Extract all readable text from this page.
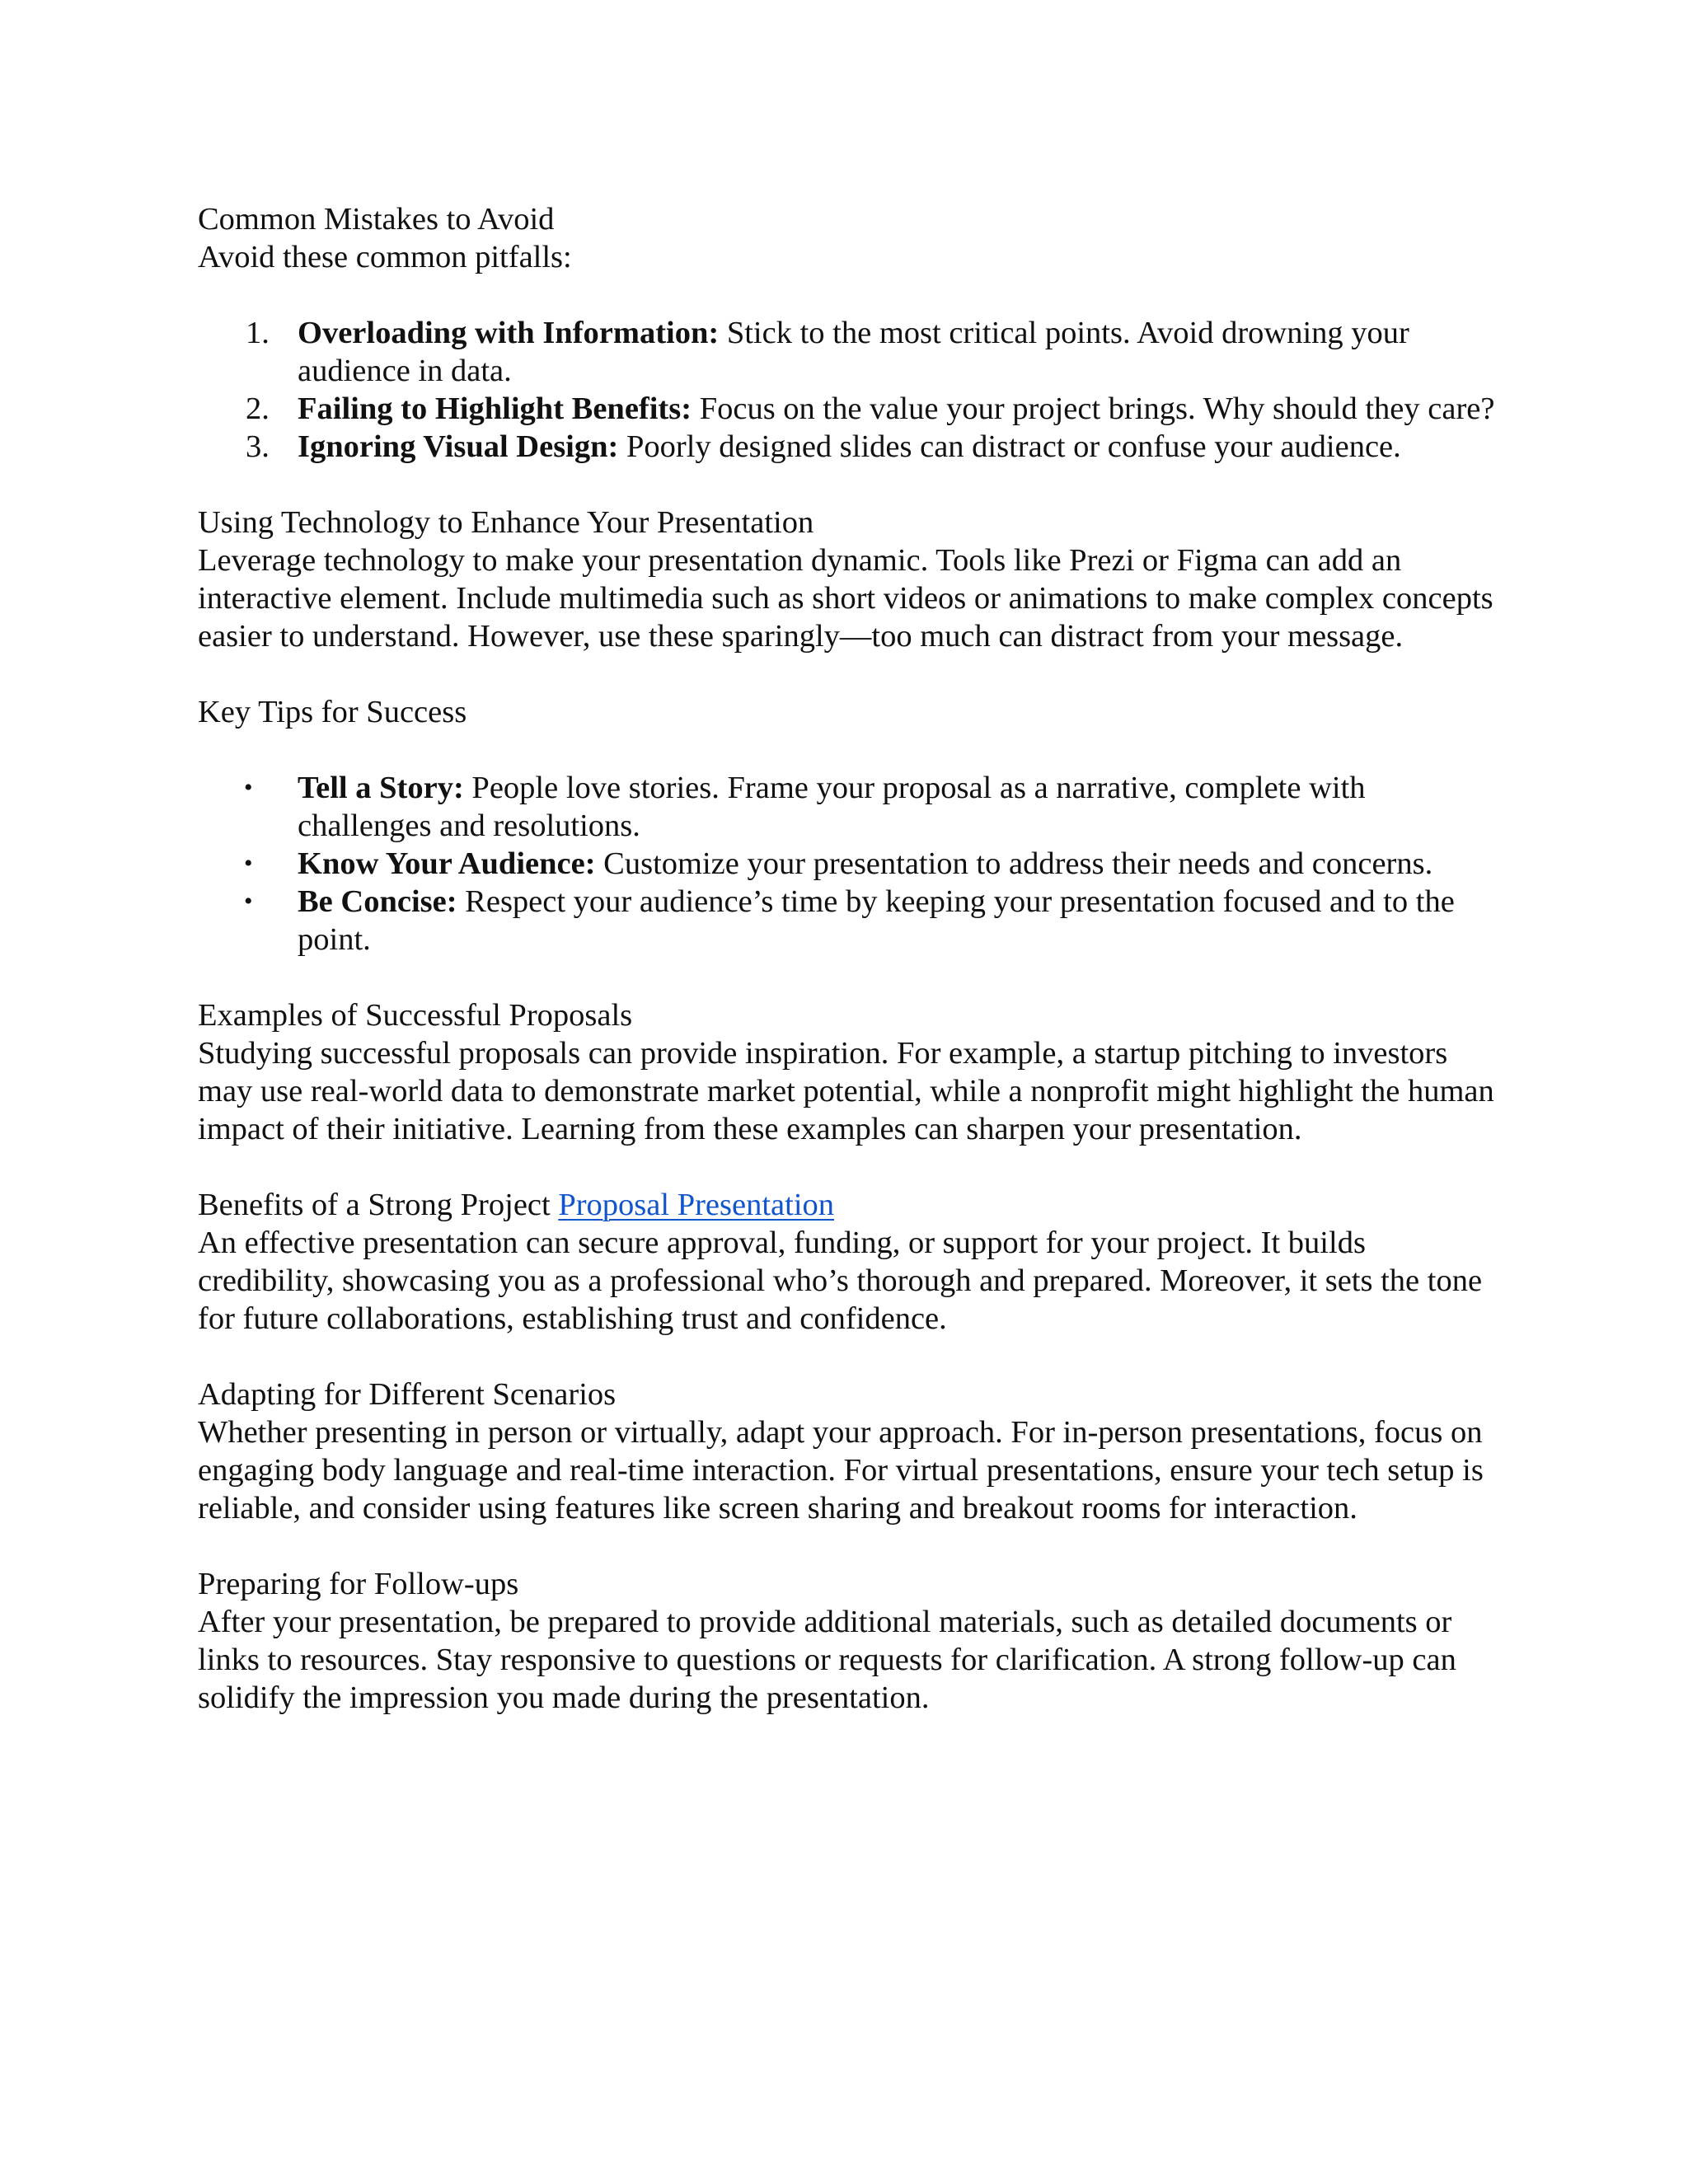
Common Mistakes to Avoid

Avoid these common pitfalls:

1. Overloading with Information: Stick to the most critical points. Avoid drowning your audience in data.
2. Failing to Highlight Benefits: Focus on the value your project brings. Why should they care?
3. Ignoring Visual Design: Poorly designed slides can distract or confuse your audience.

Using Technology to Enhance Your Presentation

Leverage technology to make your presentation dynamic. Tools like Prezi or Figma can add an interactive element. Include multimedia such as short videos or animations to make complex concepts easier to understand. However, use these sparingly—too much can distract from your message.

Key Tips for Success

•	Tell a Story: People love stories. Frame your proposal as a narrative, complete with challenges and resolutions.
•	Know Your Audience: Customize your presentation to address their needs and concerns.
•	Be Concise: Respect your audience’s time by keeping your presentation focused and to the point.

Examples of Successful Proposals

Studying successful proposals can provide inspiration. For example, a startup pitching to investors may use real-world data to demonstrate market potential, while a nonprofit might highlight the human impact of their initiative. Learning from these examples can sharpen your presentation.

Benefits of a Strong Project Proposal Presentation

An effective presentation can secure approval, funding, or support for your project. It builds credibility, showcasing you as a professional who’s thorough and prepared. Moreover, it sets the tone for future collaborations, establishing trust and confidence.

Adapting for Different Scenarios

Whether presenting in person or virtually, adapt your approach. For in-person presentations, focus on engaging body language and real-time interaction. For virtual presentations, ensure your tech setup is reliable, and consider using features like screen sharing and breakout rooms for interaction.

Preparing for Follow-ups

After your presentation, be prepared to provide additional materials, such as detailed documents or links to resources. Stay responsive to questions or requests for clarification. A strong follow-up can solidify the impression you made during the presentation.
